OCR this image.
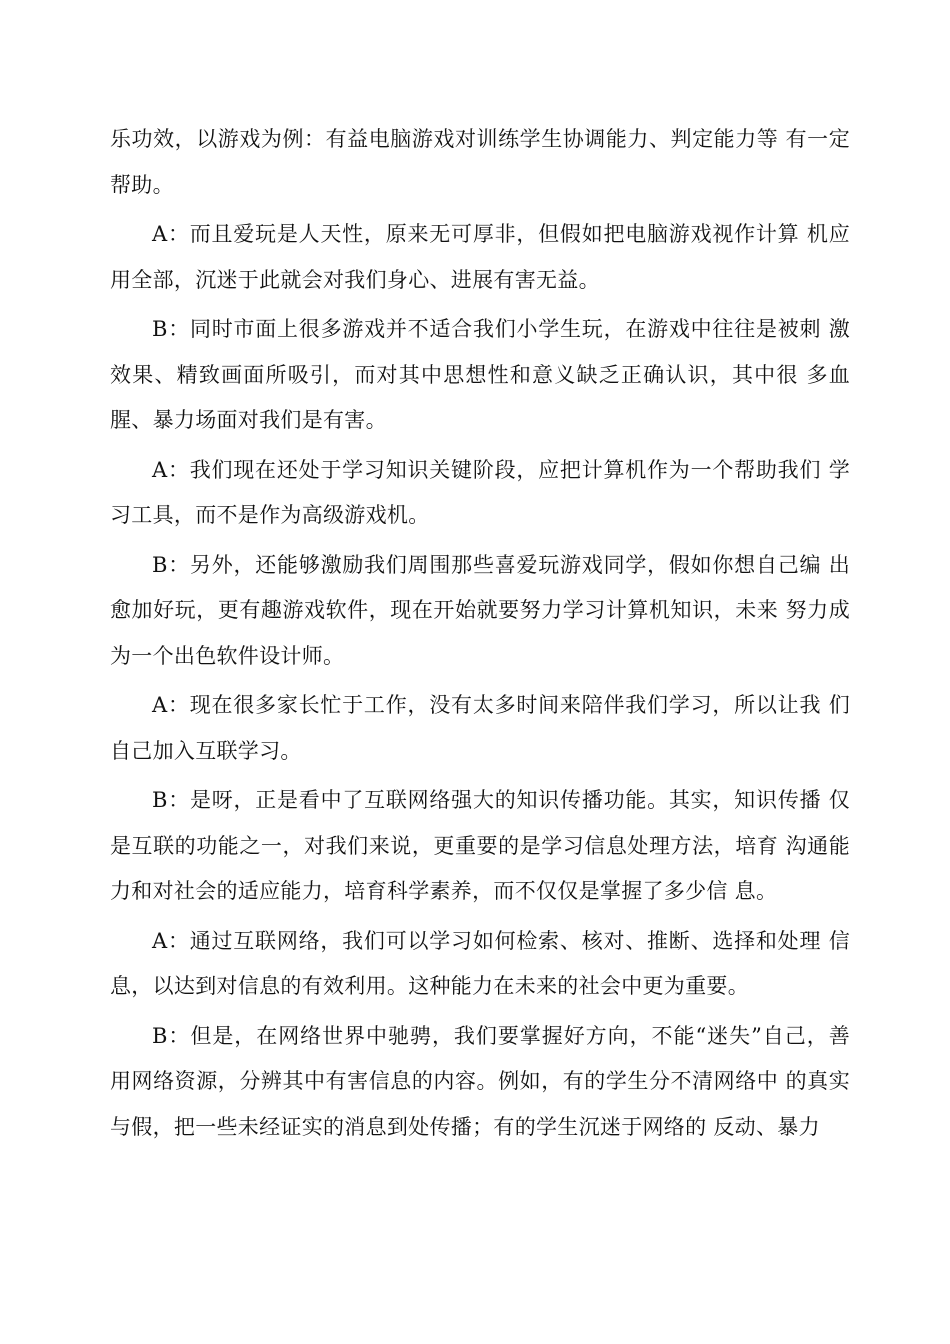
乐功效，以游戏为例：有益电脑游戏对训练学生协调能力、判定能力等 有一定帮助。

A：而且爱玩是人天性，原来无可厚非，但假如把电脑游戏视作计算 机应用全部，沉迷于此就会对我们身心、进展有害无益。

B：同时市面上很多游戏并不适合我们小学生玩，在游戏中往往是被刺 激效果、精致画面所吸引，而对其中思想性和意义缺乏正确认识，其中很 多血腥、暴力场面对我们是有害。

A：我们现在还处于学习知识关键阶段，应把计算机作为一个帮助我们 学习工具，而不是作为高级游戏机。

B：另外，还能够激励我们周围那些喜爱玩游戏同学，假如你想自己编 出愈加好玩，更有趣游戏软件，现在开始就要努力学习计算机知识，未来 努力成为一个出色软件设计师。

A：现在很多家长忙于工作，没有太多时间来陪伴我们学习，所以让我 们自己加入互联学习。

B：是呀，正是看中了互联网络强大的知识传播功能。其实，知识传播 仅是互联的功能之一，对我们来说，更重要的是学习信息处理方法，培育 沟通能力和对社会的适应能力，培育科学素养，而不仅仅是掌握了多少信 息。

A：通过互联网络，我们可以学习如何检索、核对、推断、选择和处理 信息，以达到对信息的有效利用。这种能力在未来的社会中更为重要。

B：但是，在网络世界中驰骋，我们要掌握好方向，不能“迷失”自己，善用网络资源，分辨其中有害信息的内容。例如，有的学生分不清网络中 的真实与假，把一些未经证实的消息到处传播；有的学生沉迷于网络的 反动、暴力
